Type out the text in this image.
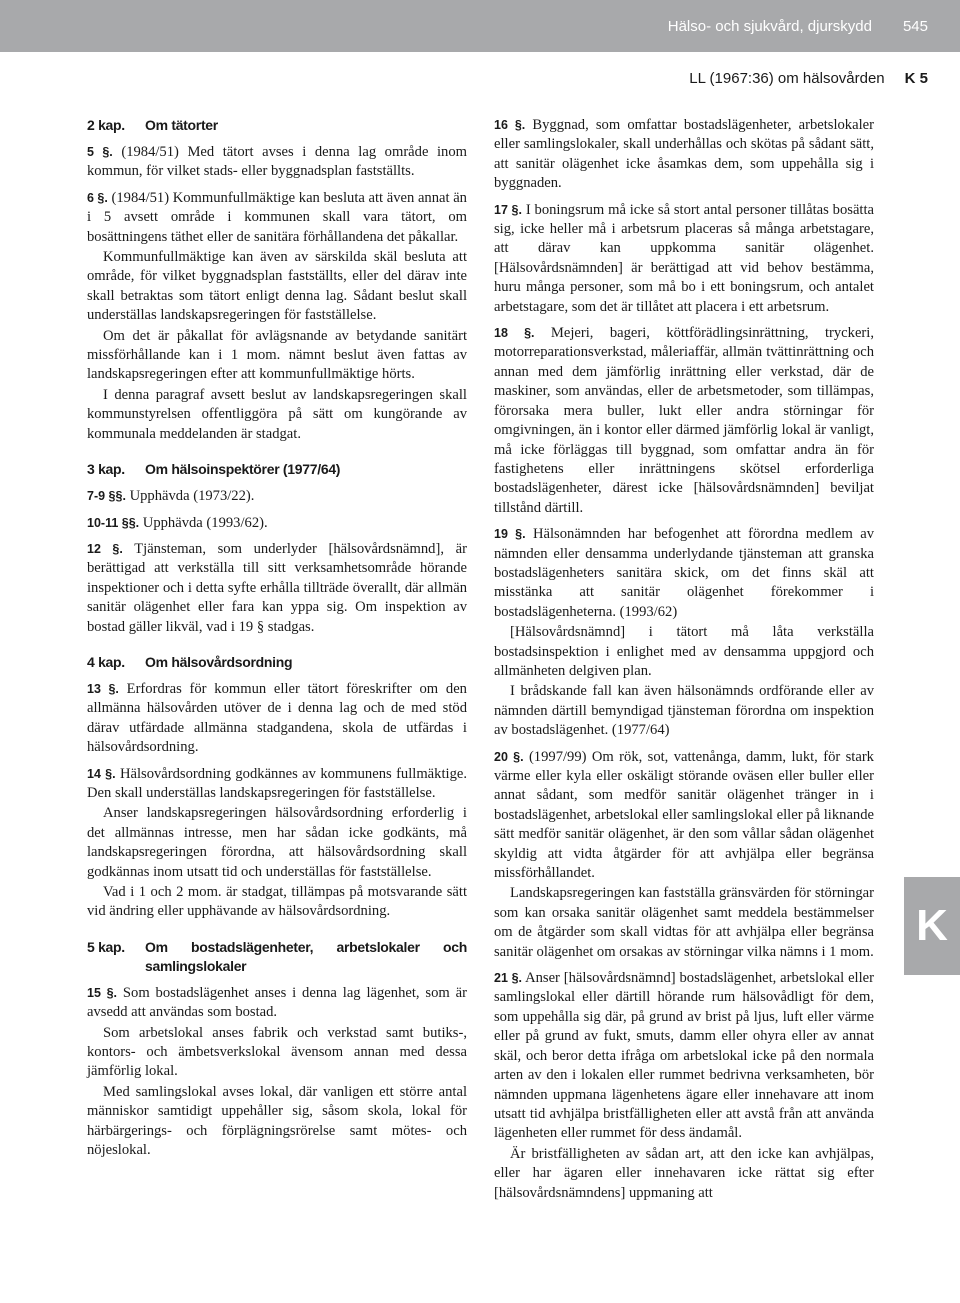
Hälso- och sjukvård, djurskydd 545
LL (1967:36) om hälsovården K 5
K
2 kap.	Om tätorter

5 §. (1984/51) Med tätort avses i denna lag område inom kommun, för vilket stads- eller byggnadsplan fastställts.

6 §. (1984/51) Kommunfullmäktige kan besluta att även annat än i 5 avsett område i kommunen skall vara tätort, om bosättningens täthet eller de sanitära förhållandena det påkallar.

Kommunfullmäktige kan även av särskilda skäl besluta att område, för vilket byggnadsplan fastställts, eller del därav inte skall betraktas som tätort enligt denna lag. Sådant beslut skall underställas landskapsregeringen för fastställelse.

Om det är påkallat för avlägsnande av betydande sanitärt missförhållande kan i 1 mom. nämnt beslut även fattas av landskapsregeringen efter att kommunfullmäktige hörts.

I denna paragraf avsett beslut av landskapsregeringen skall kommunstyrelsen offentliggöra på sätt om kungörande av kommunala meddelanden är stadgat.

3 kap.	Om hälsoinspektörer (1977/64)

7-9 §§. Upphävda (1973/22).

10-11 §§. Upphävda (1993/62).

12 §. Tjänsteman, som underlyder [hälsovårdsnämnd], är berättigad att verkställa till sitt verksamhetsområde hörande inspektioner och i detta syfte erhålla tillträde överallt, där allmän sanitär olägenhet eller fara kan yppa sig. Om inspektion av bostad gäller likväl, vad i 19 § stadgas.

4 kap.	Om hälsovårdsordning

13 §. Erfordras för kommun eller tätort föreskrifter om den allmänna hälsovården utöver de i denna lag och de med stöd därav utfärdade allmänna stadgandena, skola de utfärdas i hälsovårdsordning.

14 §. Hälsovårdsordning godkännes av kommunens fullmäktige. Den skall underställas landskapsregeringen för fastställelse.

Anser landskapsregeringen hälsovårdsordning erforderlig i det allmännas intresse, men har sådan icke godkänts, må landskapsregeringen förordna, att hälsovårdsordning skall godkännas inom utsatt tid och underställas för fastställelse.

Vad i 1 och 2 mom. är stadgat, tillämpas på motsvarande sätt vid ändring eller upphävande av hälsovårdsordning.

5 kap.	Om bostadslägenheter, arbetslokaler och samlingslokaler

15 §. Som bostadslägenhet anses i denna lag lägenhet, som är avsedd att användas som bostad.

Som arbetslokal anses fabrik och verkstad samt butiks-, kontors- och ämbetsverkslokal ävensom annan med dessa jämförlig lokal.

Med samlingslokal avses lokal, där vanligen ett större antal människor samtidigt uppehåller sig, såsom skola, lokal för härbärgerings- och förplägningsrörelse samt mötes- och nöjeslokal.

16 §. Byggnad, som omfattar bostadslägenheter, arbetslokaler eller samlingslokaler, skall underhållas och skötas på sådant sätt, att sanitär olägenhet icke åsamkas dem, som uppehålla sig i byggnaden.

17 §. I boningsrum må icke så stort antal personer tillåtas bosätta sig, icke heller må i arbetsrum placeras så många arbetstagare, att därav kan uppkomma sanitär olägenhet. [Hälsovårdsnämnden] är berättigad att vid behov bestämma, huru många personer, som må bo i ett boningsrum, och antalet arbetstagare, som det är tillåtet att placera i ett arbetsrum.

18 §. Mejeri, bageri, köttförädlingsinrättning, tryckeri, motorreparationsverkstad, måleriaffär, allmän tvättinrättning och annan med dem jämförlig inrättning eller verkstad, där de maskiner, som användas, eller de arbetsmetoder, som tillämpas, förorsaka mera buller, lukt eller andra störningar för omgivningen, än i kontor eller därmed jämförlig lokal är vanligt, må icke förläggas till byggnad, som omfattar andra än för fastighetens eller inrättningens skötsel erforderliga bostadslägenheter, därest icke [hälsovårdsnämnden] beviljat tillstånd därtill.

19 §. Hälsonämnden har befogenhet att förordna medlem av nämnden eller densamma underlydande tjänsteman att granska bostadslägenheters sanitära skick, om det finns skäl att misstänka att sanitär olägenhet förekommer i bostadslägenheterna. (1993/62)

[Hälsovårdsnämnd] i tätort må låta verkställa bostadsinspektion i enlighet med av densamma uppgjord och allmänheten delgiven plan.

I brådskande fall kan även hälsonämnds ordförande eller av nämnden därtill bemyndigad tjänsteman förordna om inspektion av bostadslägenhet. (1977/64)

20 §. (1997/99) Om rök, sot, vattenånga, damm, lukt, för stark värme eller kyla eller oskäligt störande oväsen eller buller eller annat sådant, som medför sanitär olägenhet tränger in i bostadslägenhet, arbetslokal eller samlingslokal eller på liknande sätt medför sanitär olägenhet, är den som vållar sådan olägenhet skyldig att vidta åtgärder för att avhjälpa eller begränsa missförhållandet.

Landskapsregeringen kan fastställa gränsvärden för störningar som kan orsaka sanitär olägenhet samt meddela bestämmelser om de åtgärder som skall vidtas för att avhjälpa eller begränsa sanitär olägenhet om orsakas av störningar vilka nämns i 1 mom.

21 §. Anser [hälsovårdsnämnd] bostadslägenhet, arbetslokal eller samlingslokal eller därtill hörande rum hälsovådligt för dem, som uppehålla sig där, på grund av brist på ljus, luft eller värme eller på grund av fukt, smuts, damm eller ohyra eller av annat skäl, och beror detta ifråga om arbetslokal icke på den normala arten av den i lokalen eller rummet bedrivna verksamheten, bör nämnden uppmana lägenhetens ägare eller innehavare att inom utsatt tid avhjälpa bristfälligheten eller att avstå från att använda lägenheten eller rummet för dess ändamål.

Är bristfälligheten av sådan art, att den icke kan avhjälpas, eller har ägaren eller innehavaren icke rättat sig efter [hälsovårdsnämndens] uppmaning att
